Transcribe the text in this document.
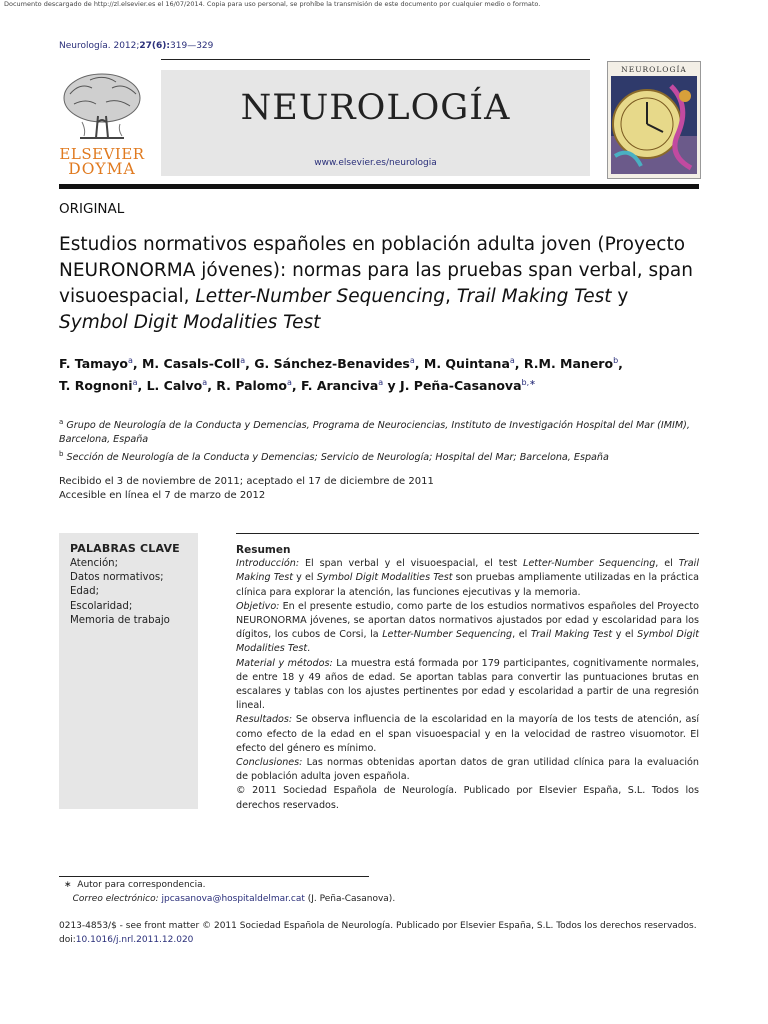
Documento descargado de http://zl.elsevier.es el 16/07/2014. Copia para uso personal, se prohíbe la transmisión de este documento por cualquier medio o formato.
Neurología. 2012;27(6):319—329
ELSEVIER
DOYMA
NEUROLOGÍA
www.elsevier.es/neurologia
NEUROLOGÍA
ORIGINAL
Estudios normativos españoles en población adulta joven (Proyecto NEURONORMA jóvenes): normas para las pruebas span verbal, span visuoespacial, Letter-Number Sequencing, Trail Making Test y Symbol Digit Modalities Test
F. Tamayo$^a$, M. Casals-Coll$^a$, G. Sánchez-Benavides$^a$, M. Quintana$^a$, R.M. Manero$^b$,
T. Rognoni$^a$, L. Calvo$^a$, R. Palomo$^a$, F. Aranciva$^a$ y J. Peña-Casanova$^{b,∗}$
$^a$ Grupo de Neurología de la Conducta y Demencias, Programa de Neurociencias, Instituto de Investigación Hospital del Mar (IMIM), Barcelona, España
$^b$ Sección de Neurología de la Conducta y Demencias; Servicio de Neurología; Hospital del Mar; Barcelona, España
Recibido el 3 de noviembre de 2011; aceptado el 17 de diciembre de 2011
Accesible en línea el 7 de marzo de 2012
PALABRAS CLAVE
Atención;
Datos normativos;
Edad;
Escolaridad;
Memoria de trabajo

Resumen

Introducción: El span verbal y el visuoespacial, el test Letter-Number Sequencing, el Trail Making Test y el Symbol Digit Modalities Test son pruebas ampliamente utilizadas en la práctica clínica para explorar la atención, las funciones ejecutivas y la memoria.

Objetivo: En el presente estudio, como parte de los estudios normativos españoles del Proyecto NEURONORMA jóvenes, se aportan datos normativos ajustados por edad y escolaridad para los dígitos, los cubos de Corsi, la Letter-Number Sequencing, el Trail Making Test y el Symbol Digit Modalities Test.

Material y métodos: La muestra está formada por 179 participantes, cognitivamente normales, de entre 18 y 49 años de edad. Se aportan tablas para convertir las puntuaciones brutas en escalares y tablas con los ajustes pertinentes por edad y escolaridad a partir de una regresión lineal.

Resultados: Se observa influencia de la escolaridad en la mayoría de los tests de atención, así como efecto de la edad en el span visuoespacial y en la velocidad de rastreo visuomotor. El efecto del género es mínimo.

Conclusiones: Las normas obtenidas aportan datos de gran utilidad clínica para la evaluación de población adulta joven española.

© 2011 Sociedad Española de Neurología. Publicado por Elsevier España, S.L. Todos los derechos reservados.

∗ Autor para correspondencia.
Correo electrónico: jpcasanova@hospitaldelmar.cat (J. Peña-Casanova).
0213-4853/$ - see front matter © 2011 Sociedad Española de Neurología. Publicado por Elsevier España, S.L. Todos los derechos reservados.
doi:10.1016/j.nrl.2011.12.020
